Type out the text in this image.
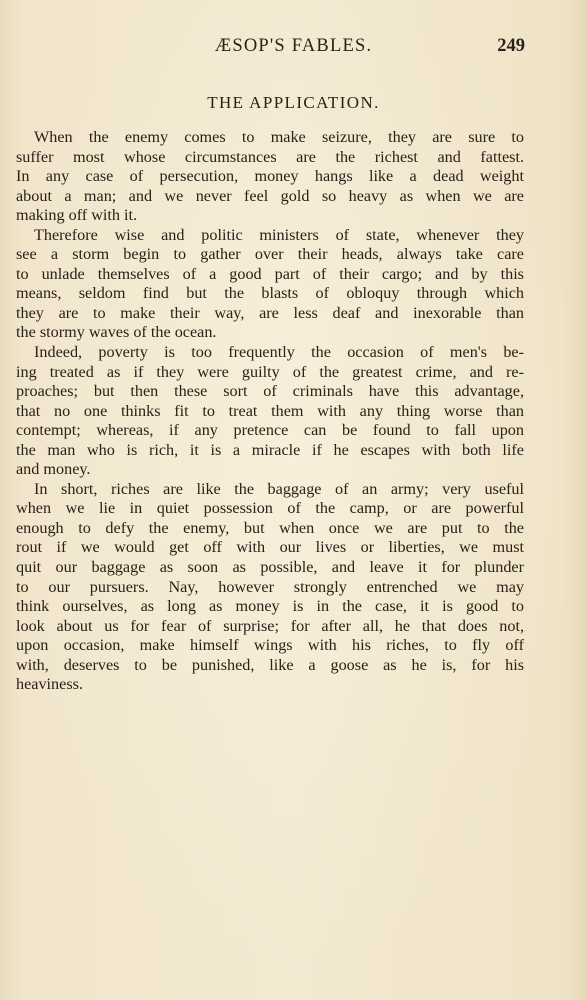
ÆSOP'S FABLES.	249
THE APPLICATION.
When the enemy comes to make seizure, they are sure to
suffer most whose circumstances are the richest and fattest.
In any case of persecution, money hangs like a dead weight
about a man; and we never feel gold so heavy as when we are
making off with it.
Therefore wise and politic ministers of state, whenever they
see a storm begin to gather over their heads, always take care
to unlade themselves of a good part of their cargo; and by this
means, seldom find but the blasts of obloquy through which
they are to make their way, are less deaf and inexorable than
the stormy waves of the ocean.
Indeed, poverty is too frequently the occasion of men's be-
ing treated as if they were guilty of the greatest crime, and re-
proaches; but then these sort of criminals have this advantage,
that no one thinks fit to treat them with any thing worse than
contempt; whereas, if any pretence can be found to fall upon
the man who is rich, it is a miracle if he escapes with both life
and money.
In short, riches are like the baggage of an army; very useful
when we lie in quiet possession of the camp, or are powerful
enough to defy the enemy, but when once we are put to the
rout if we would get off with our lives or liberties, we must
quit our baggage as soon as possible, and leave it for plunder
to our pursuers. Nay, however strongly entrenched we may
think ourselves, as long as money is in the case, it is good to
look about us for fear of surprise; for after all, he that does not,
upon occasion, make himself wings with his riches, to fly off
with, deserves to be punished, like a goose as he is, for his
heaviness.
